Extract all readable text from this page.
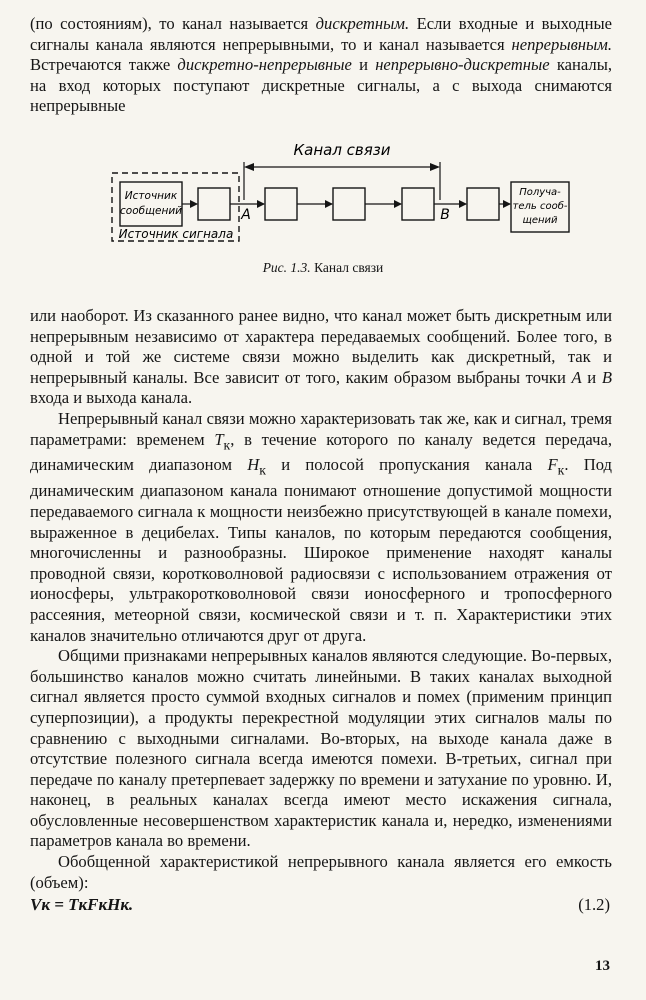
(по состояниям), то канал называется дискретным. Если входные и выходные сигналы канала являются непрерывными, то и канал называется непрерывным. Встречаются также дискретно-непрерывные и непрерывно-дискретные каналы, на вход которых поступают дискретные сигналы, а с выхода снимаются непрерывные

Канал связи
Источник сигнала
Источник
сообщений	A	B
Получа-
тель сооб-
щений
Рис. 1.3. Канал связи

или наоборот. Из сказанного ранее видно, что канал может быть дискретным или непрерывным независимо от характера передаваемых сообщений. Более того, в одной и той же системе связи можно выделить как дискретный, так и непрерывный каналы. Все зависит от того, каким образом выбраны точки A и B входа и выхода канала.

Непрерывный канал связи можно характеризовать так же, как и сигнал, тремя параметрами: временем $T_к$, в течение которого по каналу ведется передача, динамическим диапазоном $H_к$ и полосой пропускания канала $F_к$. Под динамическим диапазоном канала понимают отношение допустимой мощности передаваемого сигнала к мощности неизбежно присутствующей в канале помехи, выраженное в децибелах. Типы каналов, по которым передаются сообщения, многочисленны и разнообразны. Широкое применение находят каналы проводной связи, коротковолновой радиосвязи с использованием отражения от ионосферы, ультракоротковолновой связи ионосферного и тропосферного рассеяния, метеорной связи, космической связи и т. п. Характеристики этих каналов значительно отличаются друг от друга.

Общими признаками непрерывных каналов являются следующие. Во-первых, большинство каналов можно считать линейными. В таких каналах выходной сигнал является просто суммой входных сигналов и помех (применим принцип суперпозиции), а продукты перекрестной модуляции этих сигналов малы по сравнению с выходными сигналами. Во-вторых, на выходе канала даже в отсутствие полезного сигнала всегда имеются помехи. В-третьих, сигнал при передаче по каналу претерпевает задержку по времени и затухание по уровню. И, наконец, в реальных каналах всегда имеют место искажения сигнала, обусловленные несовершенством характеристик канала и, нередко, изменениями параметров канала во времени.

Обобщенной характеристикой непрерывного канала является его емкость (объем):

Vк = TкFкHк.	(1.2)
13
